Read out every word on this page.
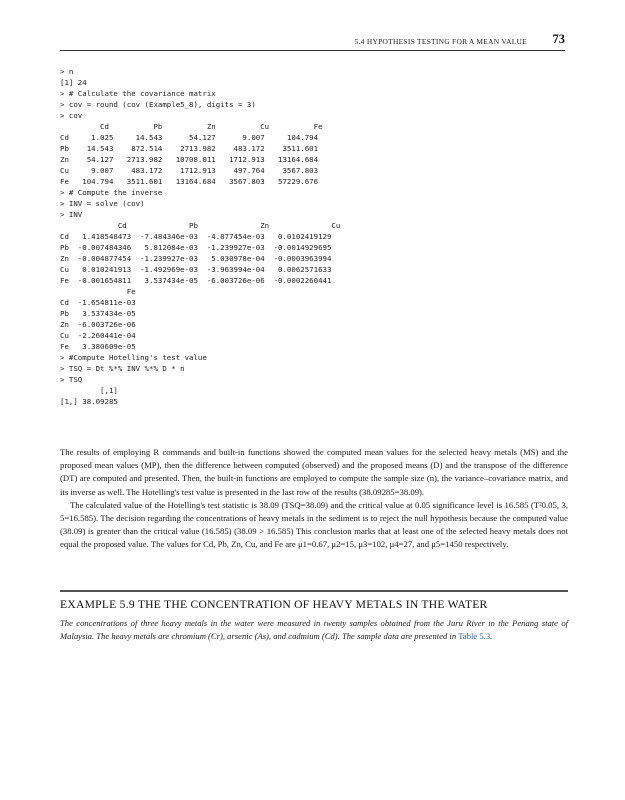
5.4 HYPOTHESIS TESTING FOR A MEAN VALUE 73
> n
[1] 24
> # Calculate the covariance matrix
> cov = round (cov (Example5_8), digits = 3)
> cov
Cd          Pb          Zn          Cu          Fe
Cd     1.025     14.543      54.127      9.007     104.794
Pb    14.543    872.514    2713.982    483.172    3511.601
Zn    54.127   2713.982   10708.011   1712.913   13164.684
Cu     9.007    483.172    1712.913    497.764    3567.803
Fe   104.794   3511.601   13164.684   3567.803   57229.676
> # Compute the inverse
> INV = solve (cov)
> INV
Cd              Pb              Zn              Cu
Cd   1.418548473  -7.484346e-03  -4.877454e-03   0.0102419129
Pb  -0.007484346   5.812084e-03  -1.239927e-03  -0.0014929695
Zn  -0.004877454  -1.239927e-03   5.030978e-04  -0.0003963994
Cu   0.010241913  -1.492969e-03  -3.963994e-04   0.0062571633
Fe  -0.001654811   3.537434e-05  -6.003726e-06  -0.0002260441
Fe
Cd  -1.654811e-03
Pb   3.537434e-05
Zn  -6.003726e-06
Cu  -2.260441e-04
Fe   3.380609e-05
> #Compute Hotelling's test value
> TSQ = Dt %*% INV %*% D * n
> TSQ
[,1]
[1,] 38.09285

The results of employing R commands and built-in functions showed the computed mean values for the selected heavy metals (MS) and the proposed mean values (MP), then the difference between computed (observed) and the proposed means (D) and the transpose of the difference (DT) are computed and presented. Then, the built-in functions are employed to compute the sample size (n), the variance–covariance matrix, and its inverse as well. The Hotelling's test value is presented in the last row of the results (38.09285=38.09).

The calculated value of the Hotelling's test statistic is 38.09 (TSQ=38.09) and the critical value at 0.05 significance level is 16.585 (T²0.05, 3, 5=16.585). The decision regarding the concentrations of heavy metals in the sediment is to reject the null hypothesis because the computed value (38.09) is greater than the critical value (16.585) (38.09 > 16.585) This conclusion marks that at least one of the selected heavy metals does not equal the proposed value. The values for Cd, Pb, Zn, Cu, and Fe are μ1=0.67, μ2=15, μ3=102, μ4=27, and μ5=1450 respectively.

EXAMPLE 5.9 THE THE CONCENTRATION OF HEAVY METALS IN THE WATER
The concentrations of three heavy metals in the water were measured in twenty samples obtained from the Juru River in the Penang state of Malaysia. The heavy metals are chromium (Cr), arsenic (As), and cadmium (Cd). The sample data are presented in Table 5.3.
